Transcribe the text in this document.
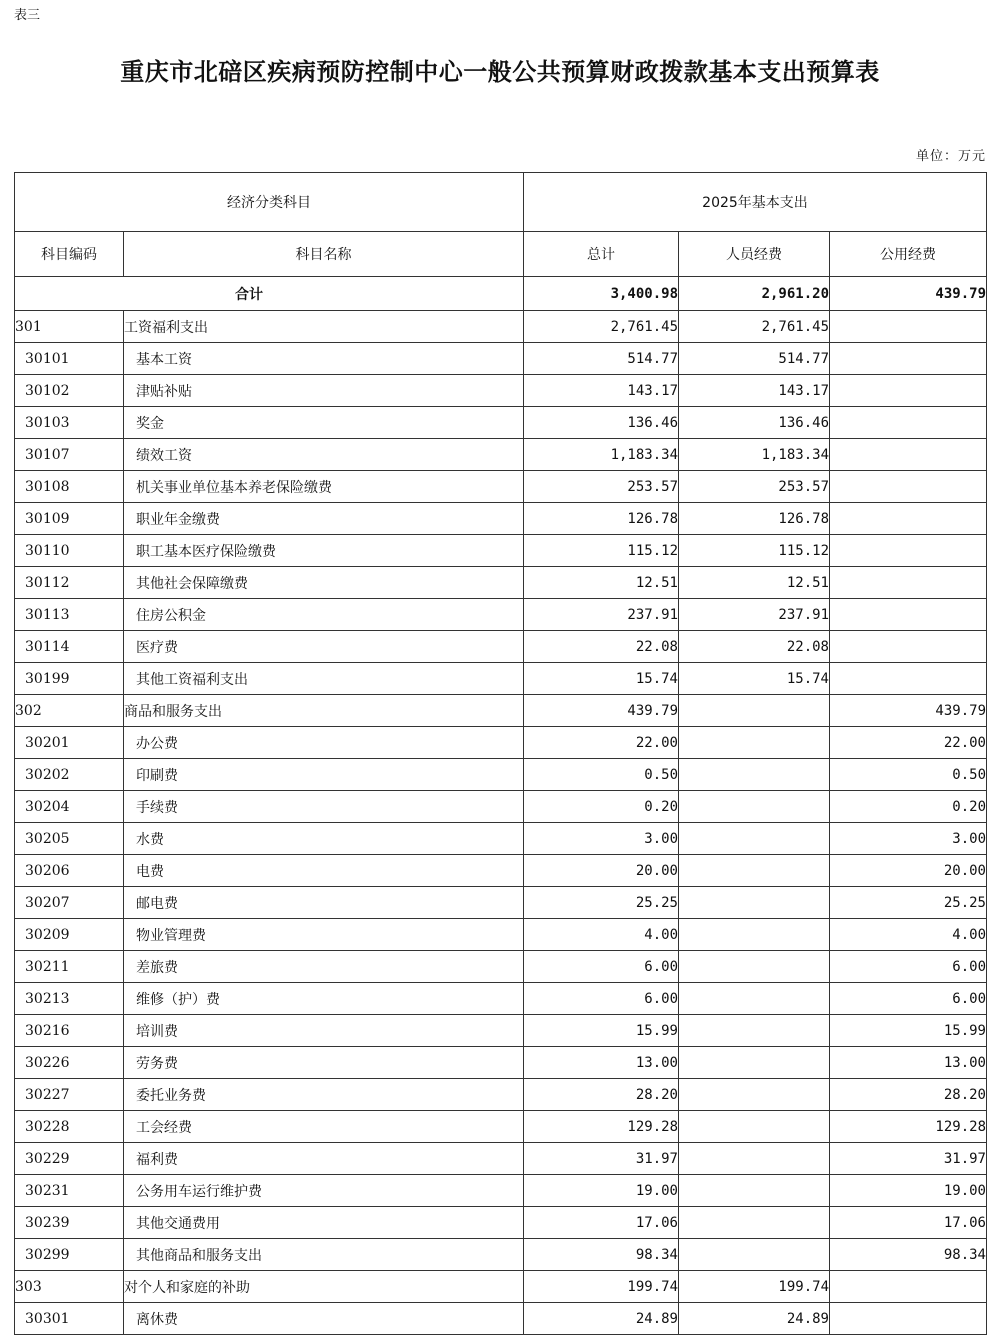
表三
重庆市北碚区疾病预防控制中心一般公共预算财政拨款基本支出预算表
单位：万元
经济分类科目		2025年基本支出		
科目编码	科目名称	总计	人员经费	公用经费
合计		3,400.98	2,961.20	439.79
301	工资福利支出	2,761.45	2,761.45	
30101	基本工资	514.77	514.77	
30102	津贴补贴	143.17	143.17	
30103	奖金	136.46	136.46	
30107	绩效工资	1,183.34	1,183.34	
30108	机关事业单位基本养老保险缴费	253.57	253.57	
30109	职业年金缴费	126.78	126.78	
30110	职工基本医疗保险缴费	115.12	115.12	
30112	其他社会保障缴费	12.51	12.51	
30113	住房公积金	237.91	237.91	
30114	医疗费	22.08	22.08	
30199	其他工资福利支出	15.74	15.74	
302	商品和服务支出	439.79		439.79
30201	办公费	22.00		22.00
30202	印刷费	0.50		0.50
30204	手续费	0.20		0.20
30205	水费	3.00		3.00
30206	电费	20.00		20.00
30207	邮电费	25.25		25.25
30209	物业管理费	4.00		4.00
30211	差旅费	6.00		6.00
30213	维修（护）费	6.00		6.00
30216	培训费	15.99		15.99
30226	劳务费	13.00		13.00
30227	委托业务费	28.20		28.20
30228	工会经费	129.28		129.28
30229	福利费	31.97		31.97
30231	公务用车运行维护费	19.00		19.00
30239	其他交通费用	17.06		17.06
30299	其他商品和服务支出	98.34		98.34
303	对个人和家庭的补助	199.74	199.74	
30301	离休费	24.89	24.89	
